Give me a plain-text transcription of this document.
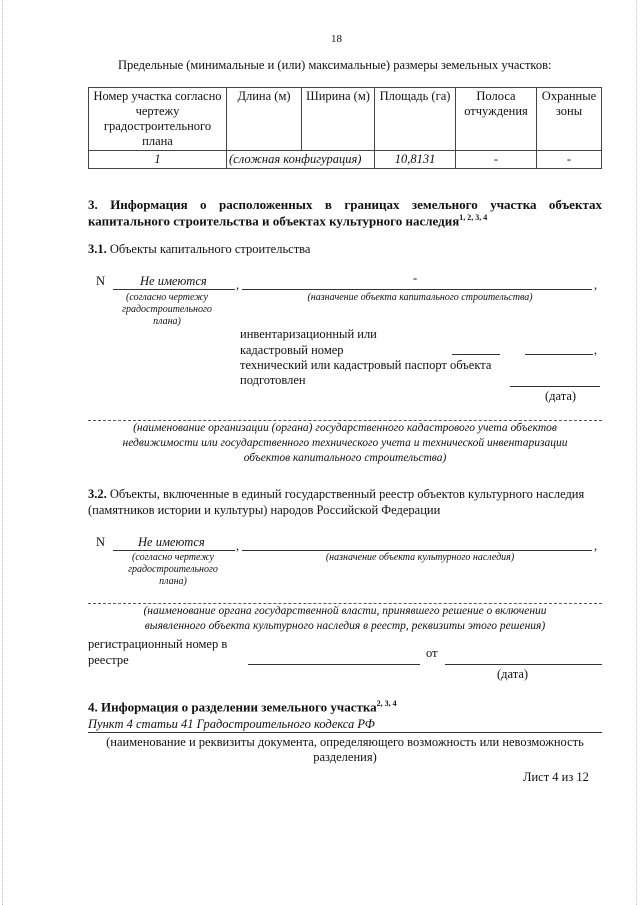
18
Предельные (минимальные и (или) максимальные) размеры земельных участков:
Номер участка согласно чертежу градостроительного плана	Длина (м)	Ширина (м)	Площадь (га)	Полоса отчуждения	Охранные зоны
1	(сложная конфигурация)		10,8131	-	-
3. Информация о расположенных в границах земельного участка объектах
капитального строительства и объектах культурного наследия$^{1, 2, 3, 4}$
3.1. Объекты капитального строительства
N	Не имеются ,	-	,
(согласно чертежу градостроительного плана)
(назначение объекта капитального строительства)
инвентаризационный или
кадастровый номер	,
технический или кадастровый паспорт объекта
подготовлен
(дата)
(наименование организации (органа) государственного кадастрового учета объектов
недвижимости или государственного технического учета и технической инвентаризации
объектов капитального строительства)
3.2. Объекты, включенные в единый государственный реестр объектов культурного наследия
(памятников истории и культуры) народов Российской Федерации
N	Не имеются	,	,
(согласно чертежу градостроительного плана)
(назначение объекта культурного наследия)
(наименование органа государственной власти, принявшего решение о включении
выявленного объекта культурного наследия в реестр, реквизиты этого решения)
регистрационный номер в
реестре	от
(дата)
4. Информация о разделении земельного участка$^{2, 3, 4}$
Пункт 4 статьи 41 Градостроительного кодекса РФ
(наименование и реквизиты документа, определяющего возможность или невозможность
разделения)
Лист 4 из 12
